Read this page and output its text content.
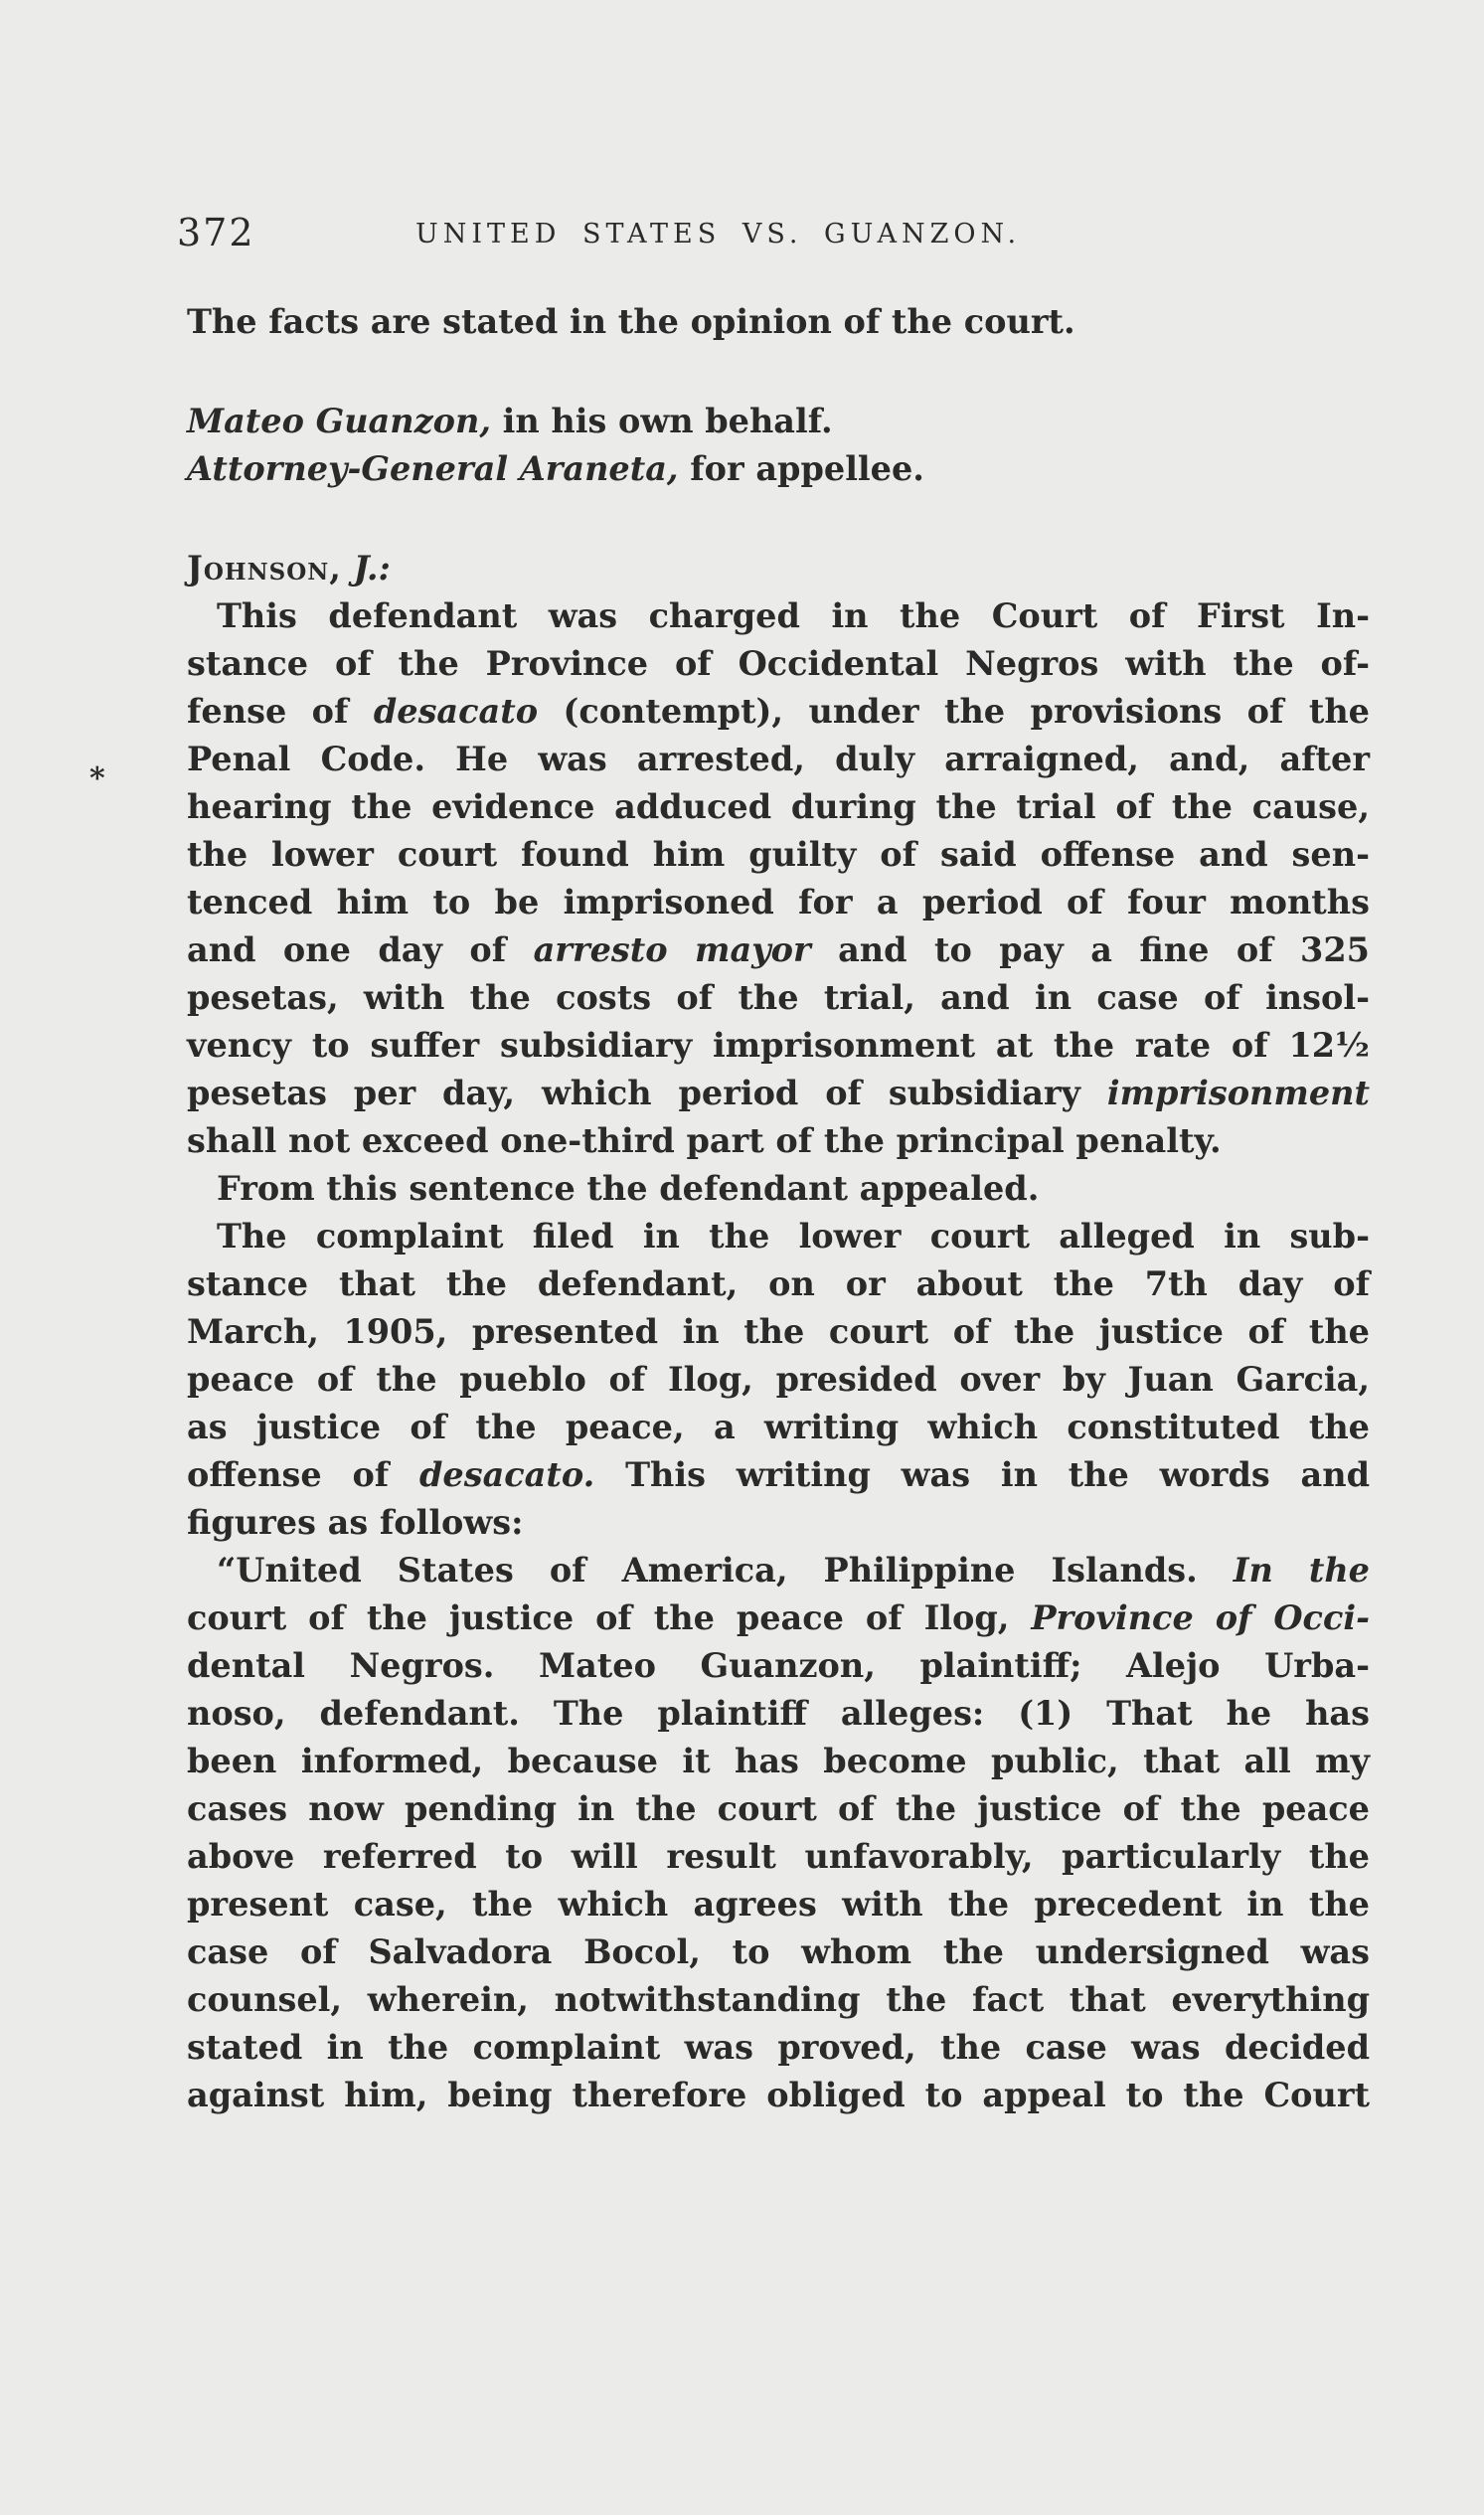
372	UNITED STATES VS. GUANZON.
The facts are stated in the opinion of the court.
Mateo Guanzon, in his own behalf.
Attorney-General Araneta, for appellee.
Johnson, J.:
This defendant was charged in the Court of First In-
stance of the Province of Occidental Negros with the of-
fense of desacato (contempt), under the provisions of the
Penal Code. He was arrested, duly arraigned, and, after
hearing the evidence adduced during the trial of the cause,
the lower court found him guilty of said offense and sen-
tenced him to be imprisoned for a period of four months
and one day of arresto mayor and to pay a fine of 325
pesetas, with the costs of the trial, and in case of insol-
vency to suffer subsidiary imprisonment at the rate of 12½
pesetas per day, which period of subsidiary imprisonment
shall not exceed one-third part of the principal penalty.
From this sentence the defendant appealed.
The complaint filed in the lower court alleged in sub-
stance that the defendant, on or about the 7th day of
March, 1905, presented in the court of the justice of the
peace of the pueblo of Ilog, presided over by Juan Garcia,
as justice of the peace, a writing which constituted the
offense of desacato. This writing was in the words and
figures as follows:
“United States of America, Philippine Islands. In the
court of the justice of the peace of Ilog, Province of Occi-
dental Negros. Mateo Guanzon, plaintiff; Alejo Urba-
noso, defendant. The plaintiff alleges: (1) That he has
been informed, because it has become public, that all my
cases now pending in the court of the justice of the peace
above referred to will result unfavorably, particularly the
present case, the which agrees with the precedent in the
case of Salvadora Bocol, to whom the undersigned was
counsel, wherein, notwithstanding the fact that everything
stated in the complaint was proved, the case was decided
against him, being therefore obliged to appeal to the Court
*
